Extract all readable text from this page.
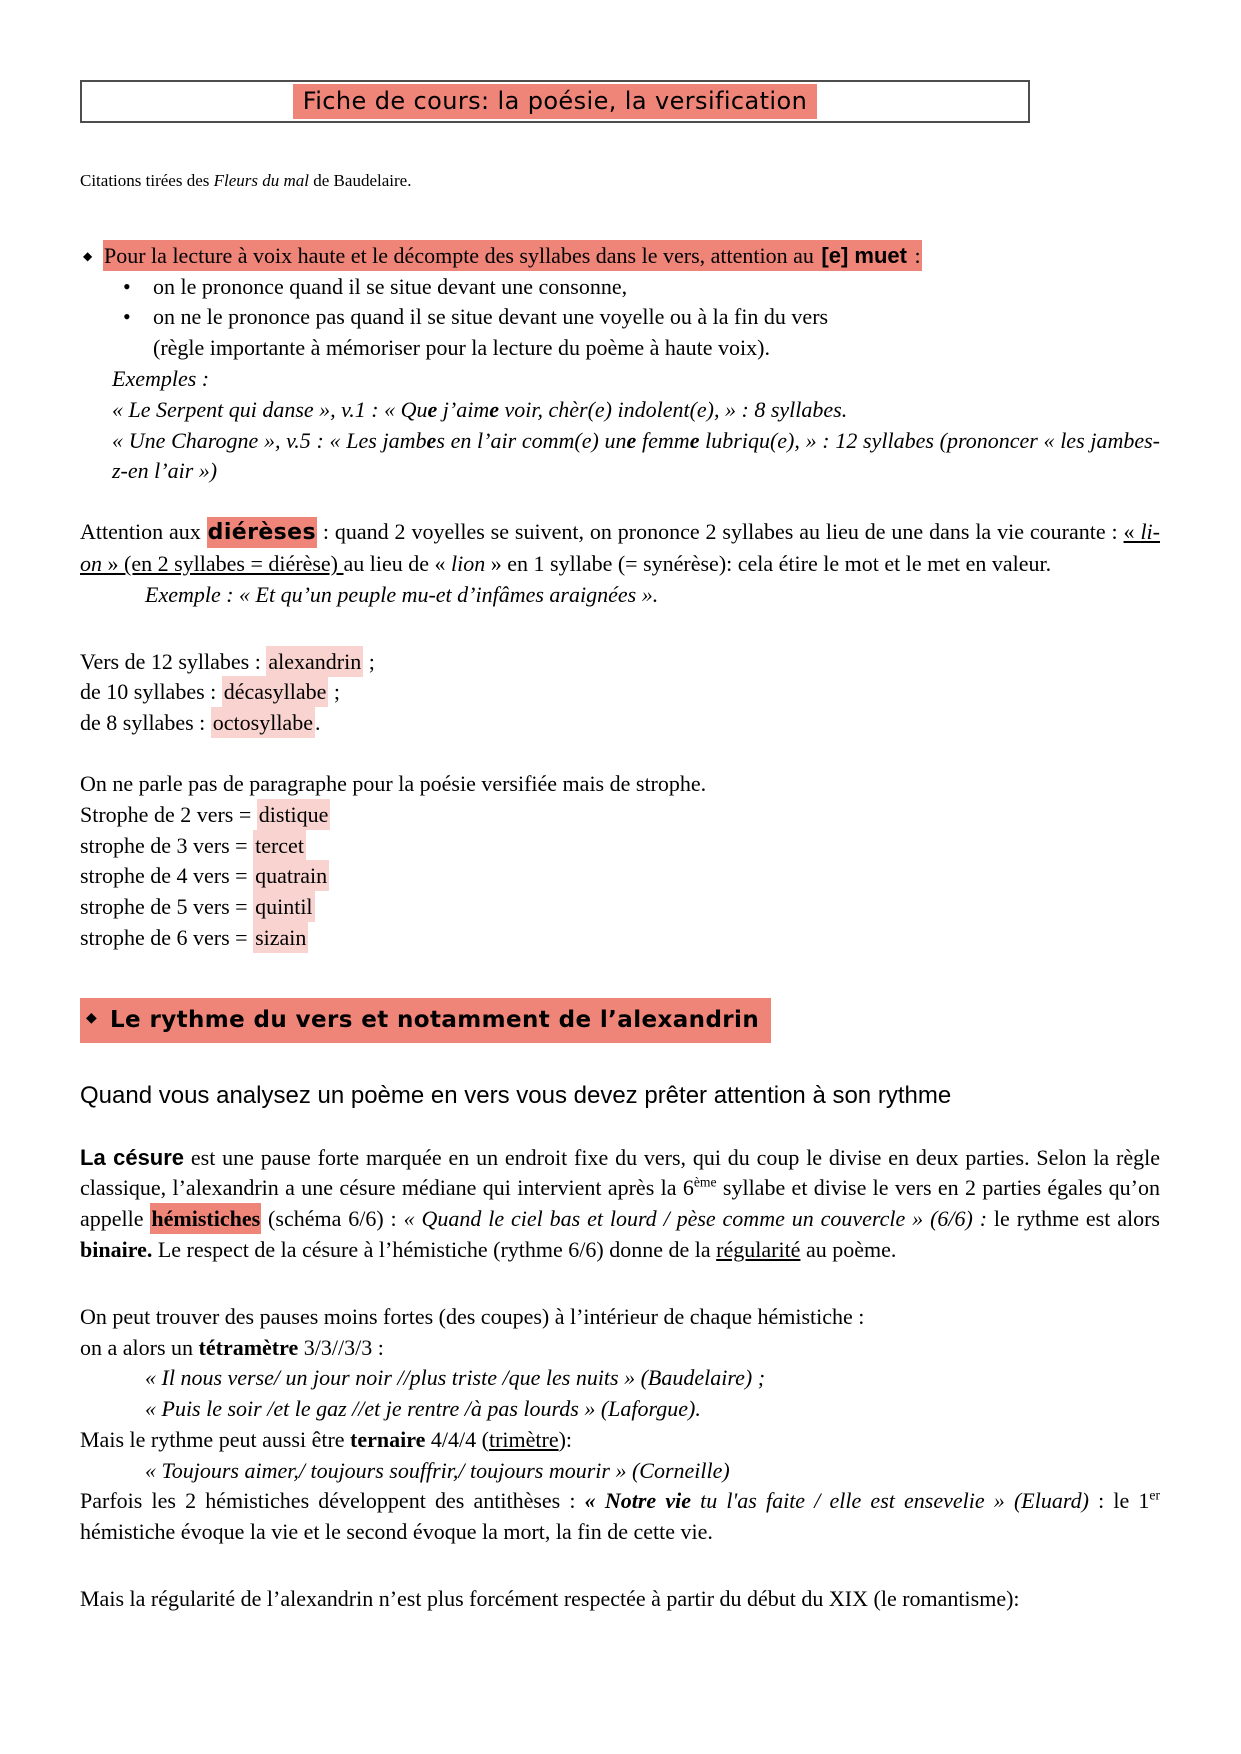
Fiche de cours: la poésie, la versification
Citations tirées des Fleurs du mal de Baudelaire.
◆ Pour la lecture à voix haute et le décompte des syllabes dans le vers, attention au [e] muet :
•	on le prononce quand il se situe devant une consonne,
•	on ne le prononce pas quand il se situe devant une voyelle ou à la fin du vers
(règle importante à mémoriser pour la lecture du poème à haute voix).
Exemples :
« Le Serpent qui danse », v.1 : « Que j’aime voir, chèr(e) indolent(e), » : 8 syllabes.
« Une Charogne », v.5 : « Les jambes en l’air comm(e) une femme lubriqu(e), » : 12 syllabes (prononcer « les jambes-z-en l’air »)
Attention aux diérèses : quand 2 voyelles se suivent, on prononce 2 syllabes au lieu de une dans la vie courante : « li-on » (en 2 syllabes = diérèse) au lieu de « lion » en 1 syllabe (= synérèse): cela étire le mot et le met en valeur.
Exemple : « Et qu’un peuple mu-et d’infâmes araignées ».
Vers de 12 syllabes : alexandrin ;
de 10 syllabes : décasyllabe ;
de 8 syllabes : octosyllabe.
On ne parle pas de paragraphe pour la poésie versifiée mais de strophe.
Strophe de 2 vers = distique
strophe de 3 vers = tercet
strophe de 4 vers = quatrain
strophe de 5 vers = quintil
strophe de 6 vers = sizain
◆ Le rythme du vers et notamment de l’alexandrin
Quand vous analysez un poème en vers vous devez prêter attention à son rythme
La césure est une pause forte marquée en un endroit fixe du vers, qui du coup le divise en deux parties. Selon la règle classique, l’alexandrin a une césure médiane qui intervient après la 6ème syllabe et divise le vers en 2 parties égales qu’on appelle hémistiches (schéma 6/6) : « Quand le ciel bas et lourd / pèse comme un couvercle » (6/6) : le rythme est alors binaire. Le respect de la césure à l’hémistiche (rythme 6/6) donne de la régularité au poème.
On peut trouver des pauses moins fortes (des coupes) à l’intérieur de chaque hémistiche :
on a alors un tétramètre 3/3//3/3 :
« Il nous verse/ un jour noir //plus triste /que les nuits » (Baudelaire) ;
« Puis le soir /et le gaz //et je rentre /à pas lourds » (Laforgue).
Mais le rythme peut aussi être ternaire 4/4/4 (trimètre):
« Toujours aimer,/ toujours souffrir,/ toujours mourir » (Corneille)
Parfois les 2 hémistiches développent des antithèses : « Notre vie tu l'as faite / elle est ensevelie » (Eluard) : le 1er hémistiche évoque la vie et le second évoque la mort, la fin de cette vie.
Mais la régularité de l’alexandrin n’est plus forcément respectée à partir du début du XIX (le romantisme):
